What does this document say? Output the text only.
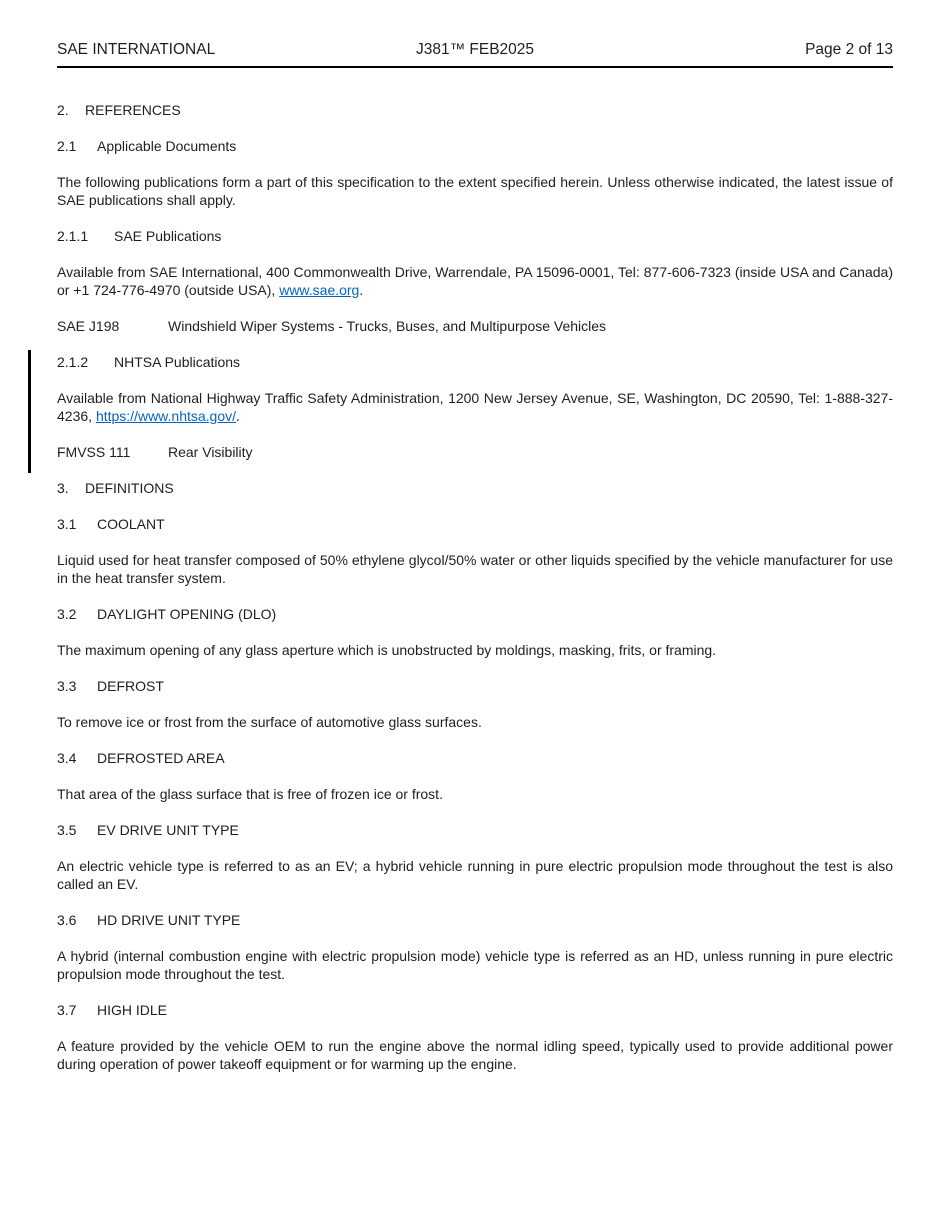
SAE INTERNATIONAL	J381™ FEB2025	Page 2 of 13
2. REFERENCES
2.1 Applicable Documents

The following publications form a part of this specification to the extent specified herein. Unless otherwise indicated, the latest issue of SAE publications shall apply.

2.1.1 SAE Publications

Available from SAE International, 400 Commonwealth Drive, Warrendale, PA 15096-0001, Tel: 877-606-7323 (inside USA and Canada) or +1 724-776-4970 (outside USA), www.sae.org.

SAE J198	Windshield Wiper Systems - Trucks, Buses, and Multipurpose Vehicles
2.1.2 NHTSA Publications

Available from National Highway Traffic Safety Administration, 1200 New Jersey Avenue, SE, Washington, DC 20590, Tel: 1-888-327-4236, https://www.nhtsa.gov/.

FMVSS 111	Rear Visibility
3. DEFINITIONS
3.1 COOLANT

Liquid used for heat transfer composed of 50% ethylene glycol/50% water or other liquids specified by the vehicle manufacturer for use in the heat transfer system.

3.2 DAYLIGHT OPENING (DLO)

The maximum opening of any glass aperture which is unobstructed by moldings, masking, frits, or framing.

3.3 DEFROST

To remove ice or frost from the surface of automotive glass surfaces.

3.4 DEFROSTED AREA

That area of the glass surface that is free of frozen ice or frost.

3.5 EV DRIVE UNIT TYPE

An electric vehicle type is referred to as an EV; a hybrid vehicle running in pure electric propulsion mode throughout the test is also called an EV.

3.6 HD DRIVE UNIT TYPE

A hybrid (internal combustion engine with electric propulsion mode) vehicle type is referred as an HD, unless running in pure electric propulsion mode throughout the test.

3.7 HIGH IDLE

A feature provided by the vehicle OEM to run the engine above the normal idling speed, typically used to provide additional power during operation of power takeoff equipment or for warming up the engine.
